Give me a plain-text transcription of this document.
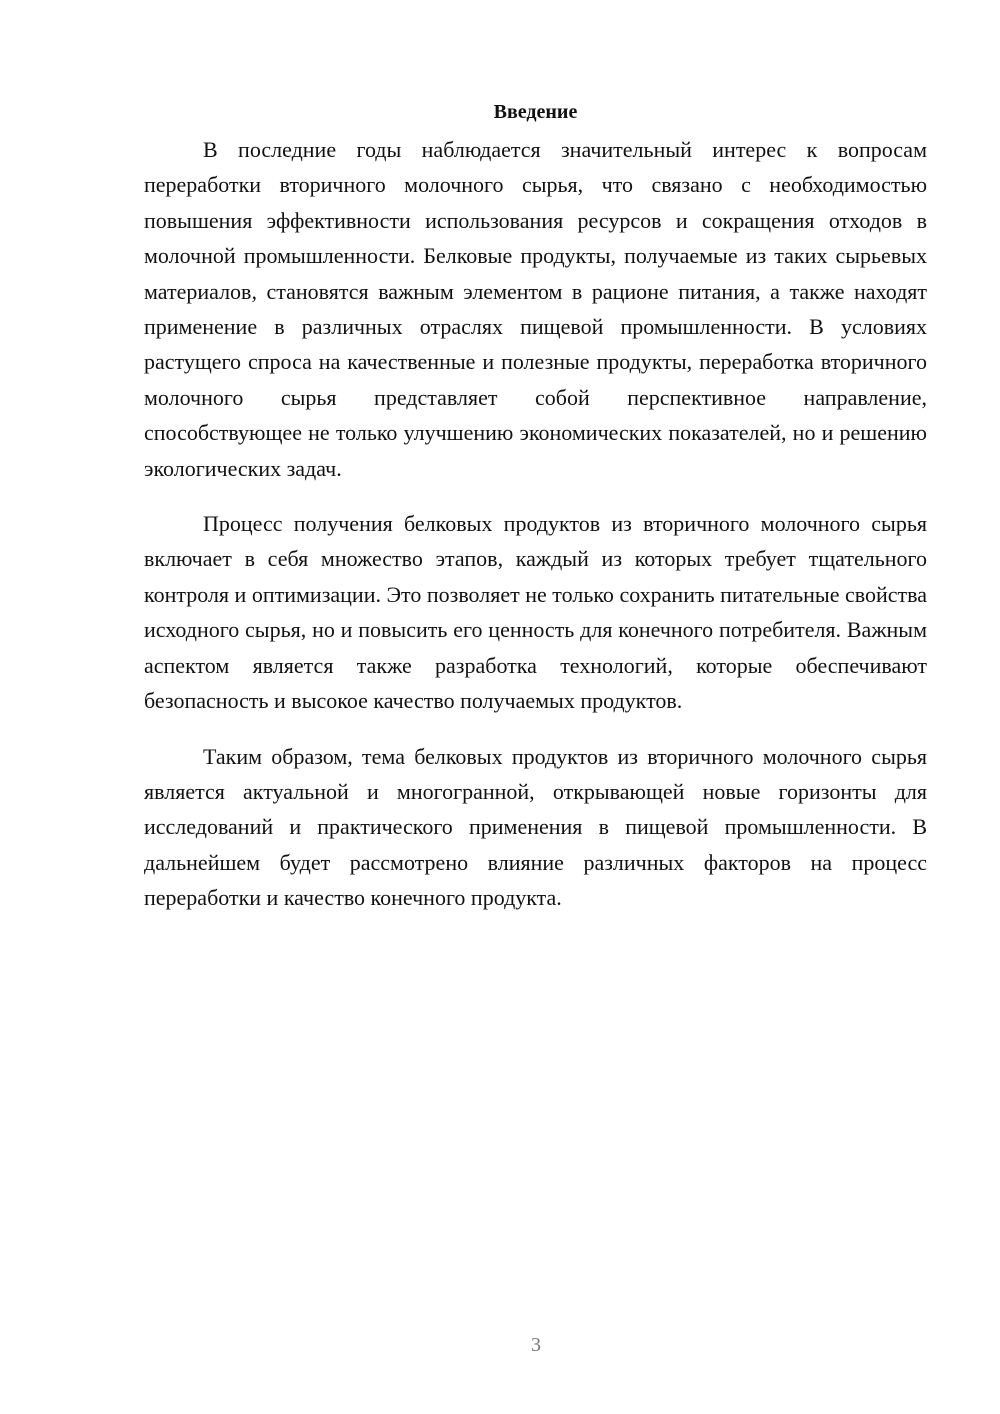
Введение

В последние годы наблюдается значительный интерес к вопросам переработки вторичного молочного сырья, что связано с необходимостью повышения эффективности использования ресурсов и сокращения отходов в молочной промышленности. Белковые продукты, получаемые из таких сырьевых материалов, становятся важным элементом в рационе питания, а также находят применение в различных отраслях пищевой промышленности. В условиях растущего спроса на качественные и полезные продукты, переработка вторичного молочного сырья представляет собой перспективное направление, способствующее не только улучшению экономических показателей, но и решению экологических задач.

Процесс получения белковых продуктов из вторичного молочного сырья включает в себя множество этапов, каждый из которых требует тщательного контроля и оптимизации. Это позволяет не только сохранить питательные свойства исходного сырья, но и повысить его ценность для конечного потребителя. Важным аспектом является также разработка технологий, которые обеспечивают безопасность и высокое качество получаемых продуктов.

Таким образом, тема белковых продуктов из вторичного молочного сырья является актуальной и многогранной, открывающей новые горизонты для исследований и практического применения в пищевой промышленности. В дальнейшем будет рассмотрено влияние различных факторов на процесс переработки и качество конечного продукта.

3
